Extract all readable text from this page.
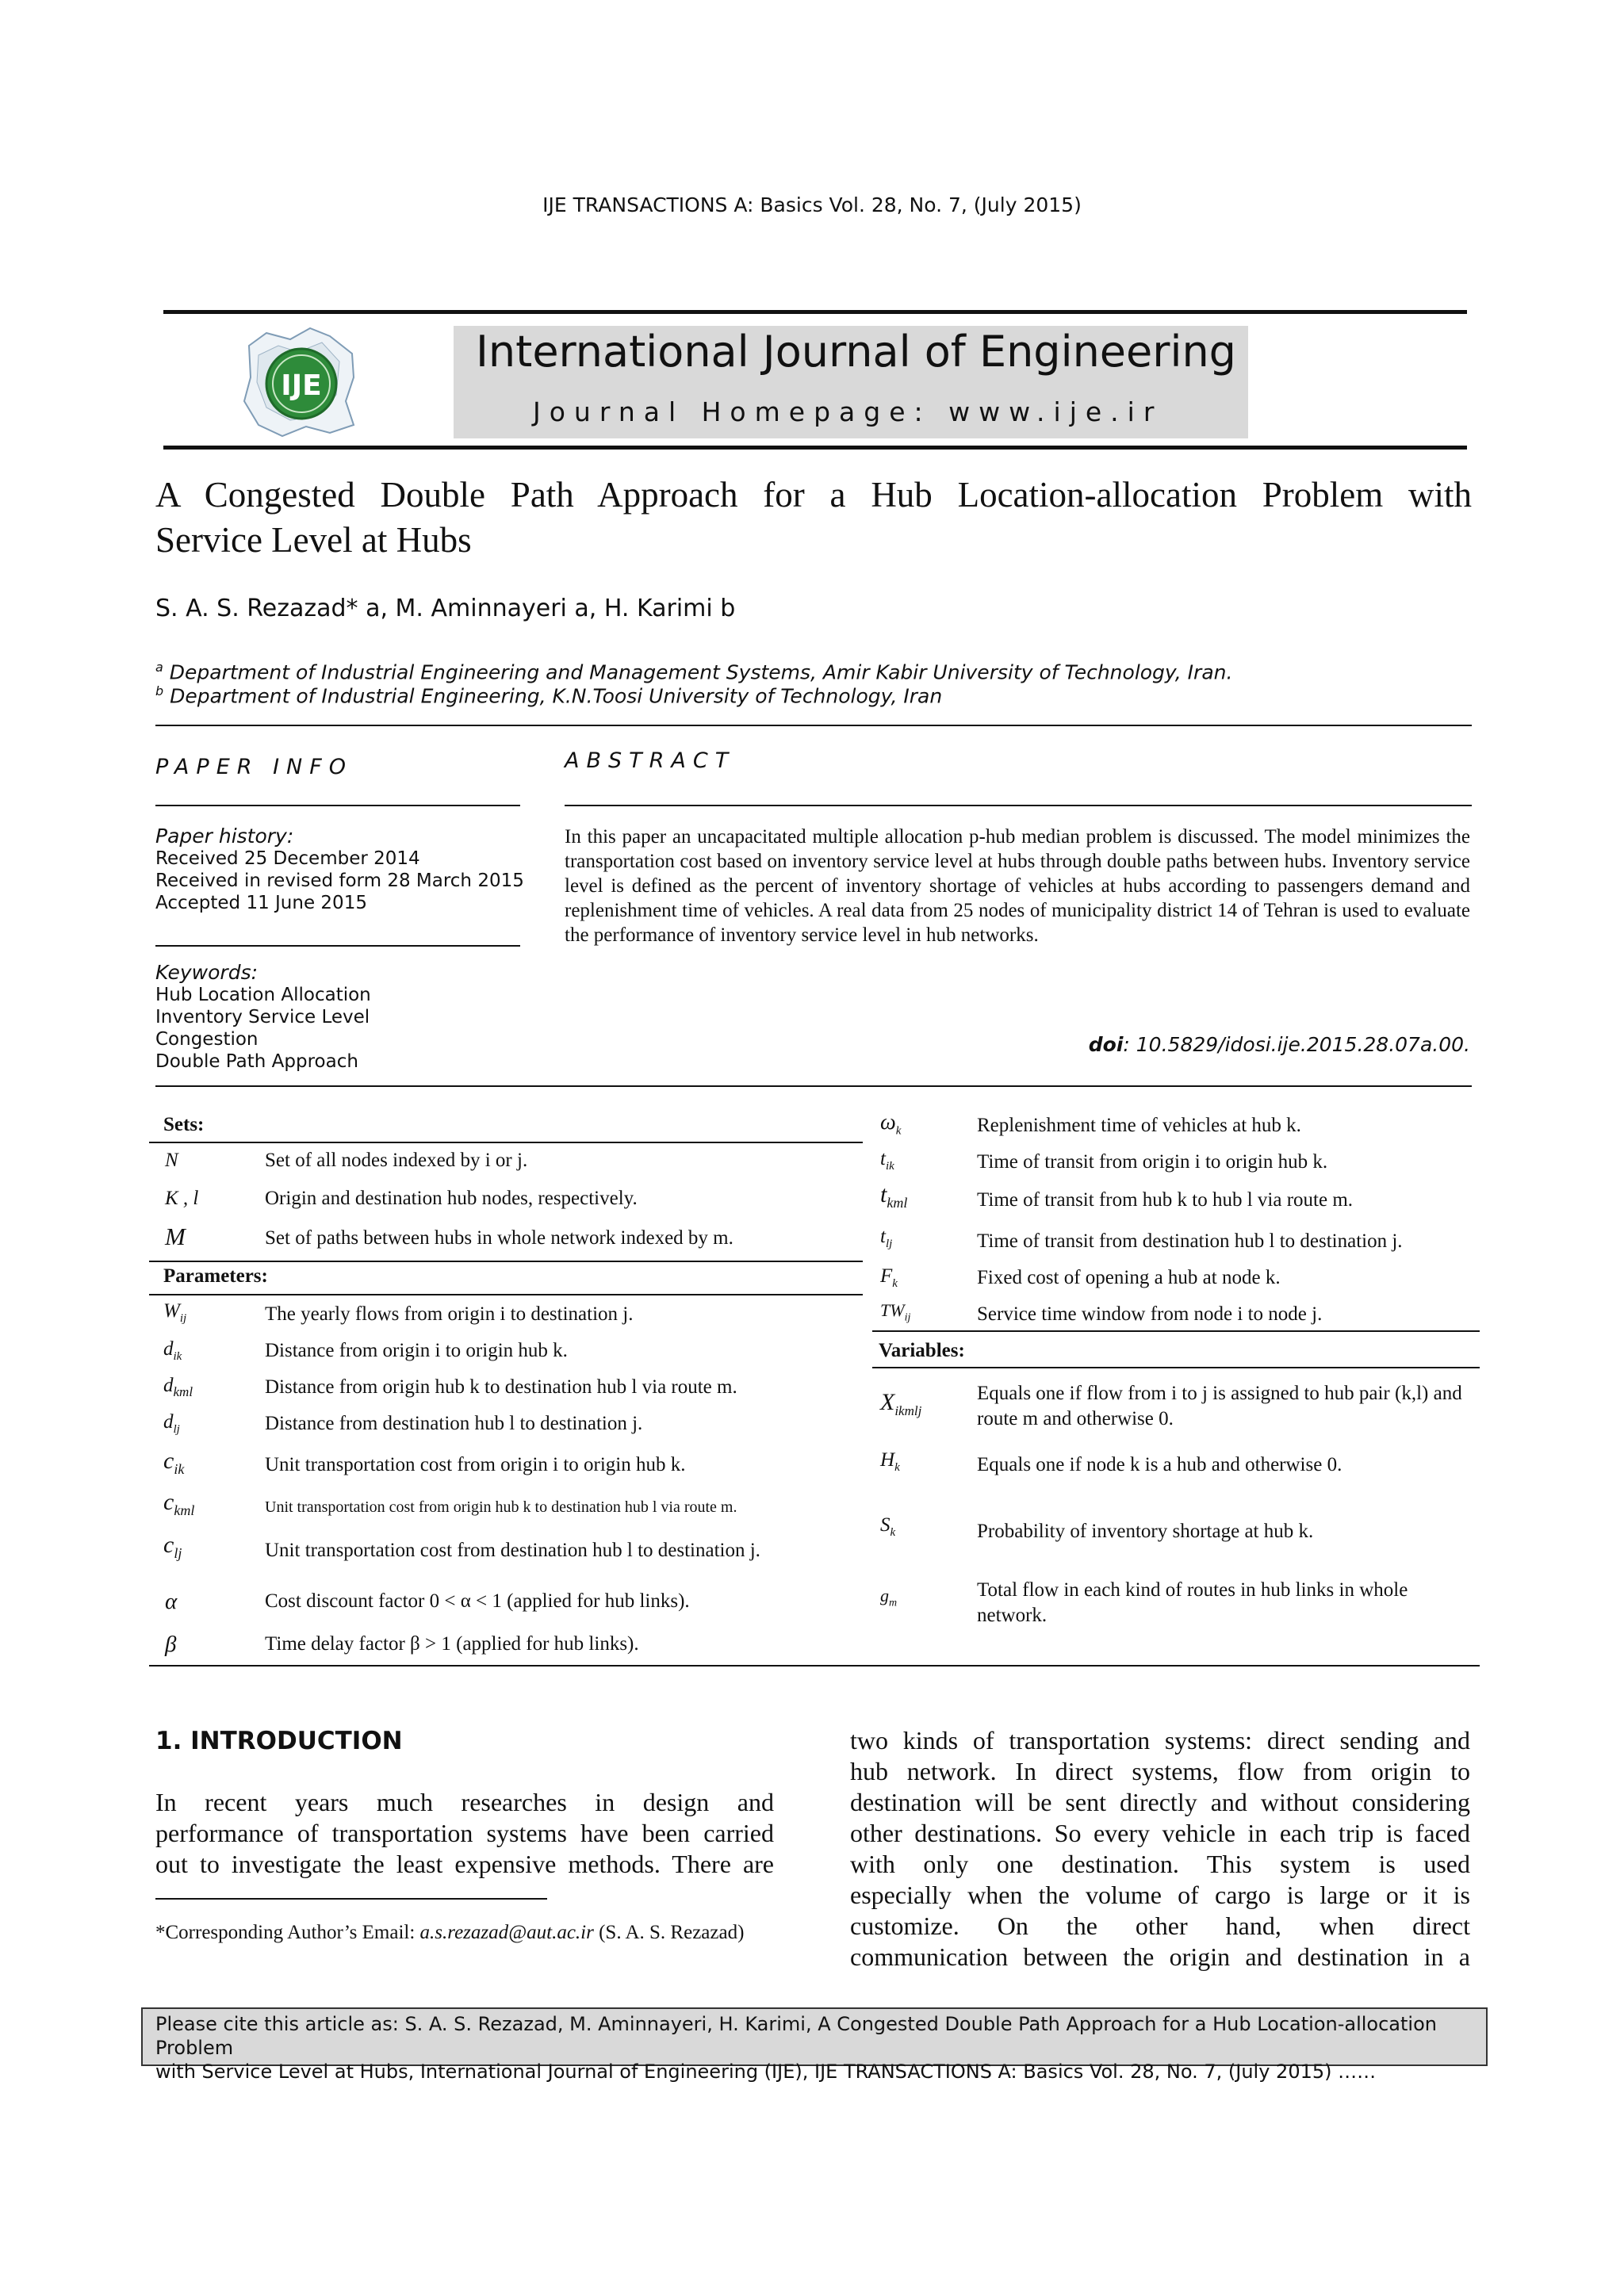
IJE TRANSACTIONS A: Basics Vol. 28, No. 7, (July 2015)
IJE
International Journal of Engineering
Journal Homepage: www.ije.ir
A Congested Double Path Approach for a Hub Location-allocation Problem with
Service Level at Hubs
S. A. S. Rezazad* a, M. Aminnayeri a, H. Karimi b
$^a$ Department of Industrial Engineering and Management Systems, Amir Kabir University of Technology, Iran.
$^b$ Department of Industrial Engineering, K.N.Toosi University of Technology, Iran
PAPER INFO	ABSTRACT
Paper history:
Received 25 December 2014
Received in revised form 28 March 2015
Accepted 11 June 2015
Keywords:
Hub Location Allocation
Inventory Service Level
Congestion
Double Path Approach
In this paper an uncapacitated multiple allocation p-hub median problem is discussed. The model minimizes the transportation cost based on inventory service level at hubs through double paths between hubs. Inventory service level is defined as the percent of inventory shortage of vehicles at hubs according to passengers demand and replenishment time of vehicles. A real data from 25 nodes of municipality district 14 of Tehran is used to evaluate the performance of inventory service level in hub networks.
doi: 10.5829/idosi.ije.2015.28.07a.00.
Sets:
N	Set of all nodes indexed by i or j.
K , l	Origin and destination hub nodes, respectively.
M	Set of paths between hubs in whole network indexed by m.
Parameters:
$W_{ij}$	The yearly flows from origin i to destination j.
$d_{ik}$	Distance from origin i to origin hub k.
$d_{kml}$	Distance from origin hub k to destination hub l via route m.
$d_{lj}$	Distance from destination hub l to destination j.
$c_{ik}$	Unit transportation cost from origin i to origin hub k.
$c_{kml}$	Unit transportation cost from origin hub k to destination hub l via route m.
$c_{lj}$	Unit transportation cost from destination hub l to destination j.
α	Cost discount factor 0 < α < 1 (applied for hub links).
β	Time delay factor β > 1 (applied for hub links).
$\omega_k$	Replenishment time of vehicles at hub k.
$t_{ik}$	Time of transit from origin i to origin hub k.
$t_{kml}$	Time of transit from hub k to hub l via route m.
$t_{lj}$	Time of transit from destination hub l to destination j.
$F_k$	Fixed cost of opening a hub at node k.
$TW_{ij}$	Service time window from node i to node j.
Variables:
$X_{ikmlj}$
Equals one if flow from i to j is assigned to hub pair (k,l) and route m and otherwise 0.
$H_k$	Equals one if node k is a hub and otherwise 0.
$S_k$	Probability of inventory shortage at hub k.
$g_m$
Total flow in each kind of routes in hub links in whole network.
1. INTRODUCTION
In recent years much researches in design and
performance of transportation systems have been carried
out to investigate the least expensive methods. There are
*Corresponding Author’s Email: a.s.rezazad@aut.ac.ir (S. A. S. Rezazad)
two kinds of transportation systems: direct sending and
hub network. In direct systems, flow from origin to
destination will be sent directly and without considering
other destinations. So every vehicle in each trip is faced
with only one destination. This system is used
especially when the volume of cargo is large or it is
customize. On the other hand, when direct
communication between the origin and destination in a
Please cite this article as: S. A. S. Rezazad, M. Aminnayeri, H. Karimi, A Congested Double Path Approach for a Hub Location-allocation Problem
with Service Level at Hubs, International Journal of Engineering (IJE), IJE TRANSACTIONS A: Basics Vol. 28, No. 7, (July 2015) ……
